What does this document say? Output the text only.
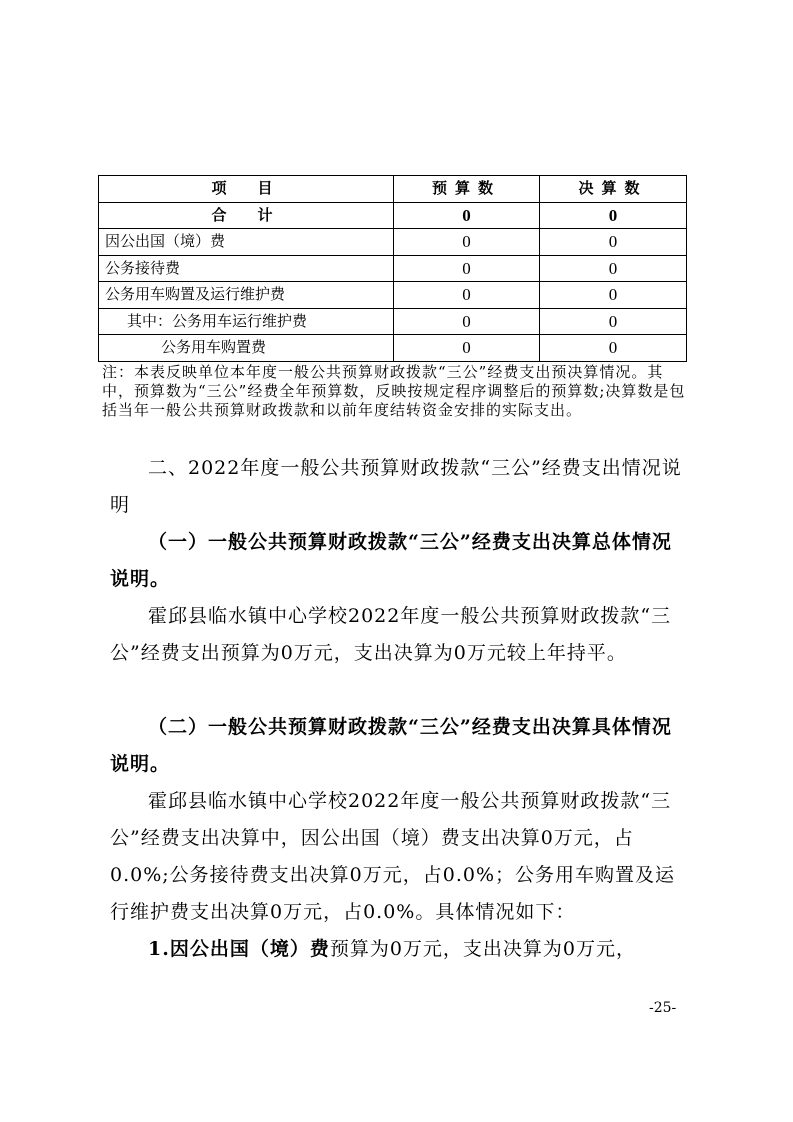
项　目	预算数	决算数
合　计	0	0
因公出国（境）费	0	0
公务接待费	0	0
公务用车购置及运行维护费	0	0
其中：公务用车运行维护费	0	0
公务用车购置费	0	0
注：本表反映单位本年度一般公共预算财政拨款“三公”经费支出预决算情况。其中，预算数为“三公”经费全年预算数，反映按规定程序调整后的预算数;决算数是包括当年一般公共预算财政拨款和以前年度结转资金安排的实际支出。
二、2022年度一般公共预算财政拨款“三公”经费支出情况说明
（一）一般公共预算财政拨款“三公”经费支出决算总体情况说明。
霍邱县临水镇中心学校2022年度一般公共预算财政拨款“三公”经费支出预算为0万元，支出决算为0万元较上年持平。
（二）一般公共预算财政拨款“三公”经费支出决算具体情况说明。
霍邱县临水镇中心学校2022年度一般公共预算财政拨款“三公”经费支出决算中，因公出国（境）费支出决算0万元，占0.0%;公务接待费支出决算0万元，占0.0%；公务用车购置及运行维护费支出决算0万元，占0.0%。具体情况如下：
1.因公出国（境）费预算为0万元，支出决算为0万元，
-25-
